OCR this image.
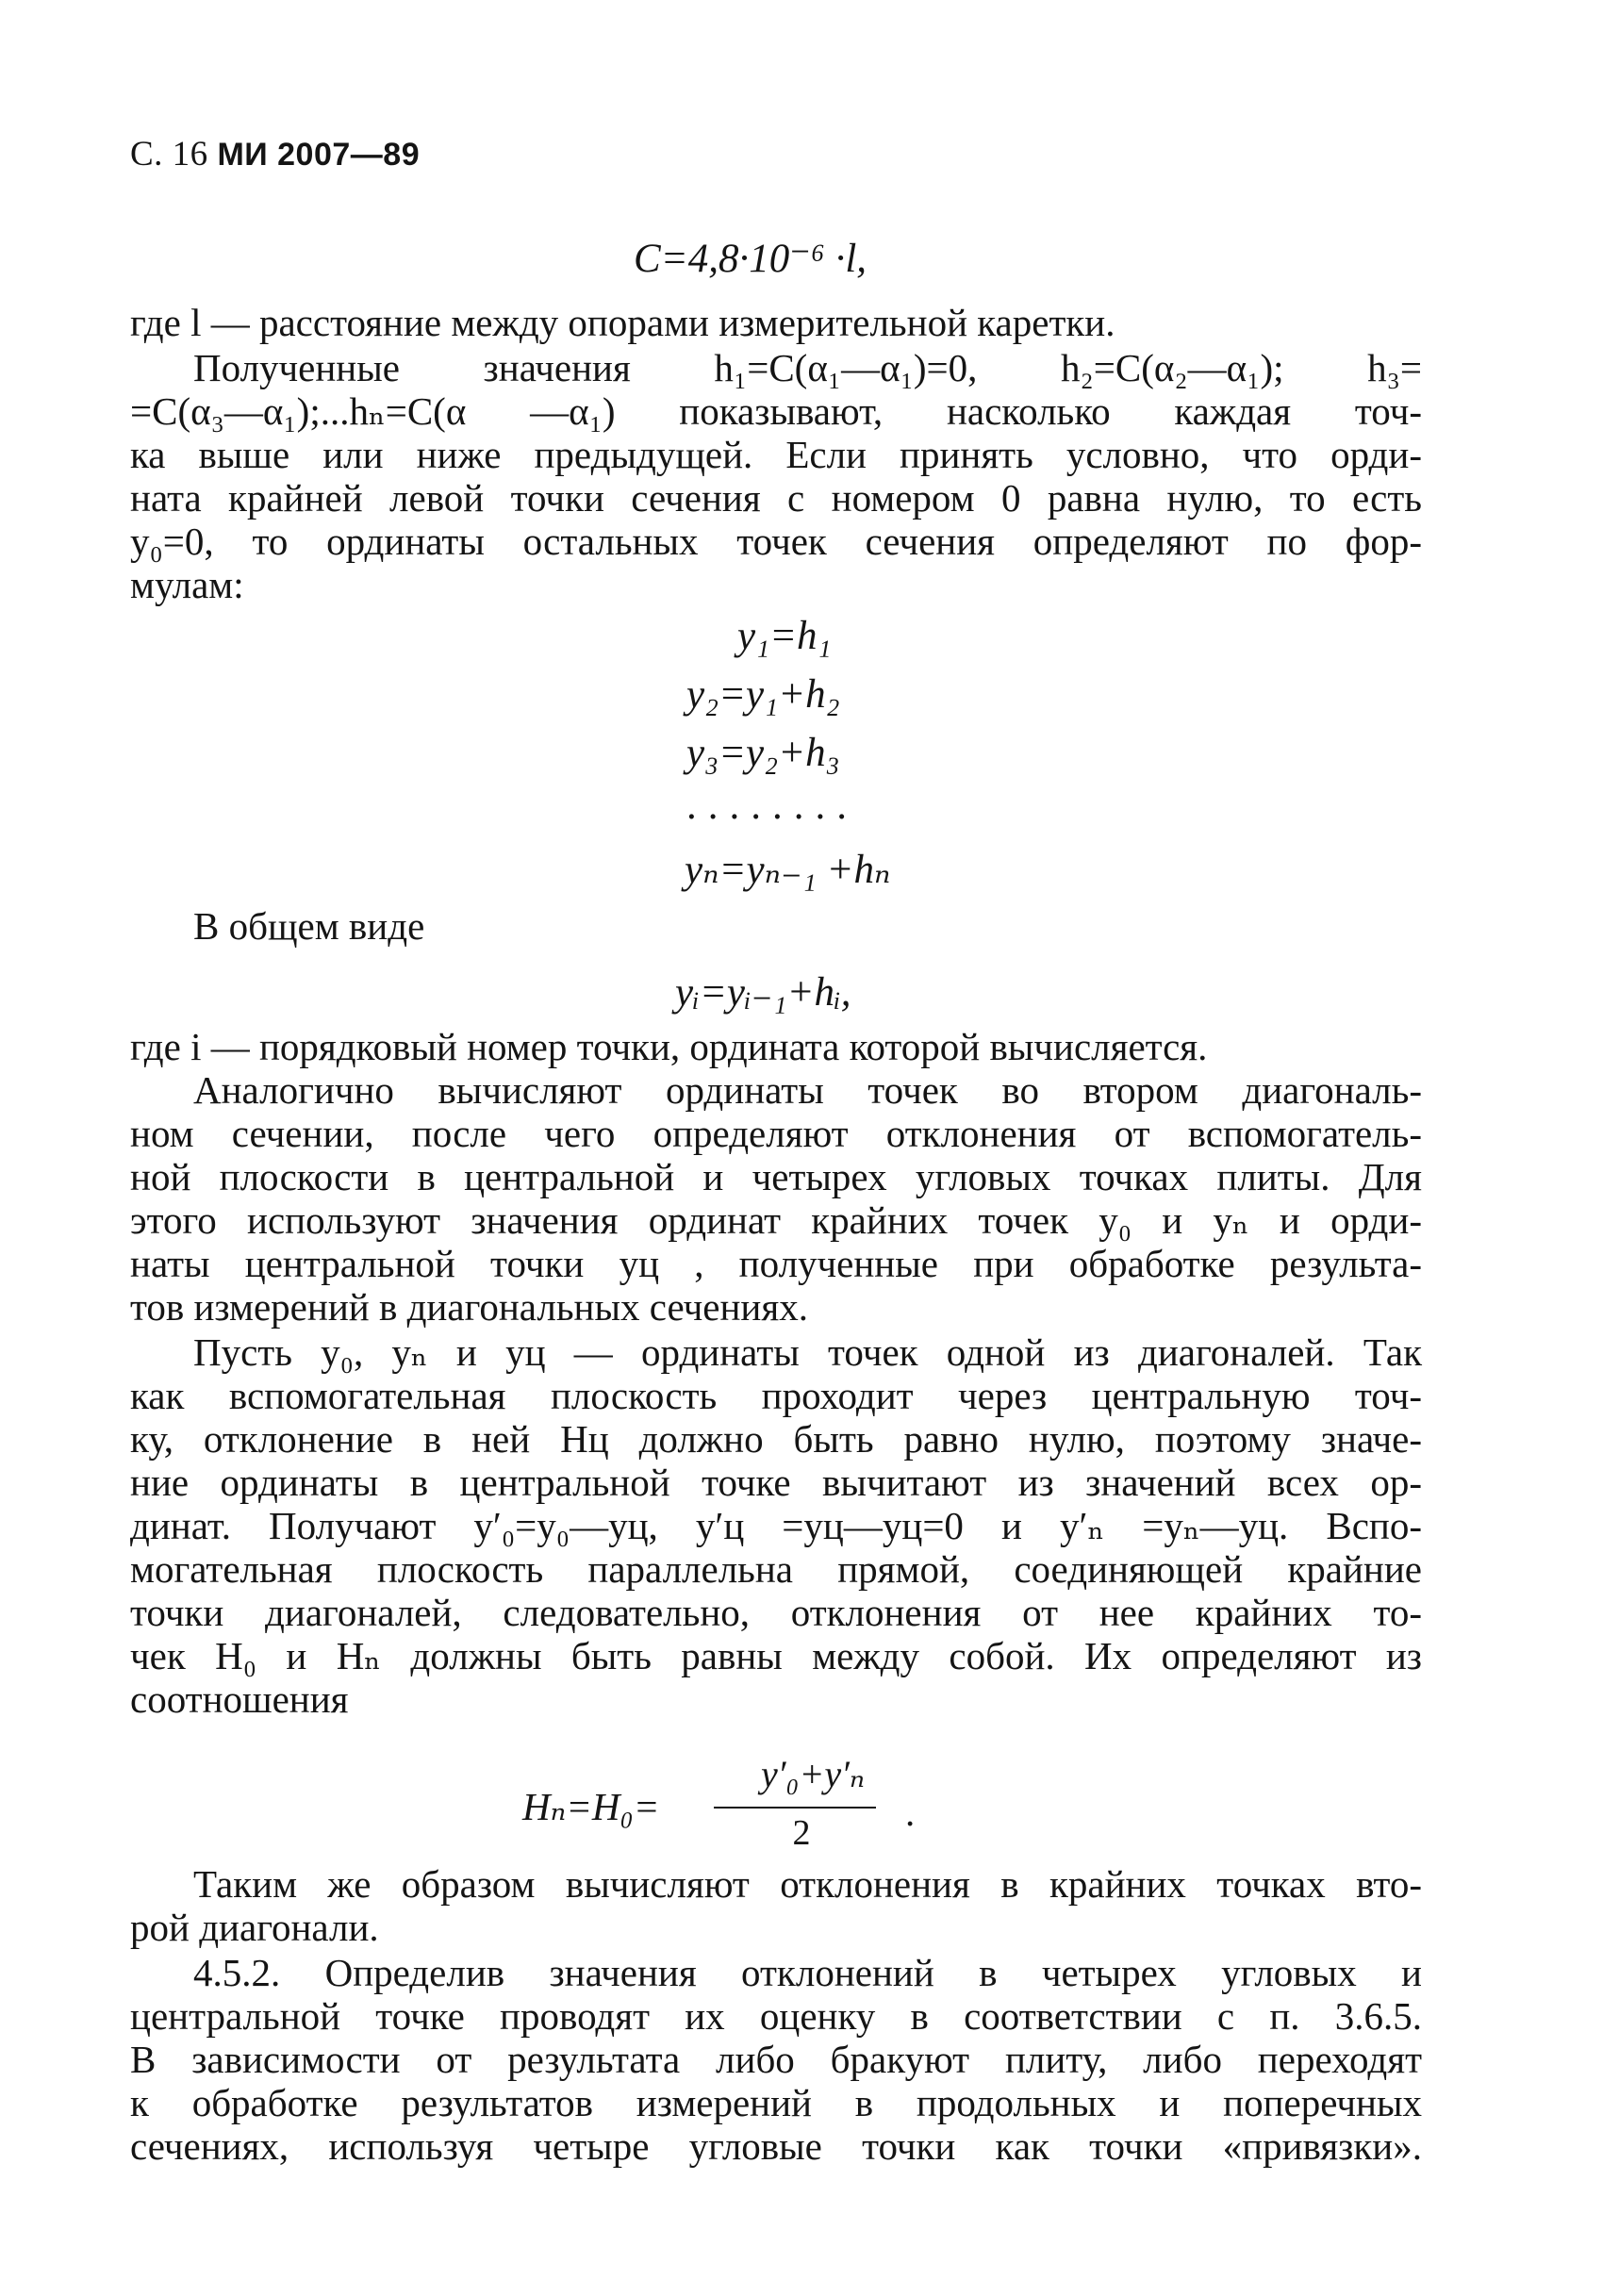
С. 16 МИ 2007—89
C=4,8·10⁻⁶ ·l,
где l — расстояние между опорами измерительной каретки.
Полученные значения h₁=C(α₁—α₁)=0, h₂=C(α₂—α₁); h₃=
=C(α₃—α₁);...hₙ=C(α —α₁) показывают, насколько каждая точ-
ка выше или ниже предыдущей. Если принять условно, что орди-
ната крайней левой точки сечения с номером 0 равна нулю, то есть
y₀=0, то ординаты остальных точек сечения определяют по фор-
мулам:
y₁=h₁
y₂=y₁+h₂
y₃=y₂+h₃
........
yₙ=yₙ₋₁ +hₙ
В общем виде
yᵢ=yᵢ₋₁+hᵢ,
где i — порядковый номер точки, ордината которой вычисляется.
Аналогично вычисляют ординаты точек во втором диагональ-
ном сечении, после чего определяют отклонения от вспомогатель-
ной плоскости в центральной и четырех угловых точках плиты. Для
этого используют значения ординат крайних точек y₀ и yₙ и орди-
наты центральной точки yц , полученные при обработке результа-
тов измерений в диагональных сечениях.
Пусть y₀, yₙ и yц — ординаты точек одной из диагоналей. Так
как вспомогательная плоскость проходит через центральную точ-
ку, отклонение в ней Hц должно быть равно нулю, поэтому значе-
ние ординаты в центральной точке вычитают из значений всех ор-
динат. Получают y′₀=y₀—yц, y′ц =yц—yц=0 и y′ₙ =yₙ—yц. Вспо-
могательная плоскость параллельна прямой, соединяющей крайние
точки диагоналей, следовательно, отклонения от нее крайних то-
чек H₀ и Hₙ должны быть равны между собой. Их определяют из
соотношения
Hₙ=H₀=
y′₀+y′ₙ
2	.
Таким же образом вычисляют отклонения в крайних точках вто-
рой диагонали.
4.5.2. Определив значения отклонений в четырех угловых и
центральной точке проводят их оценку в соответствии с п. 3.6.5.
В зависимости от результата либо бракуют плиту, либо переходят
к обработке результатов измерений в продольных и поперечных
сечениях, используя четыре угловые точки как точки «привязки».
